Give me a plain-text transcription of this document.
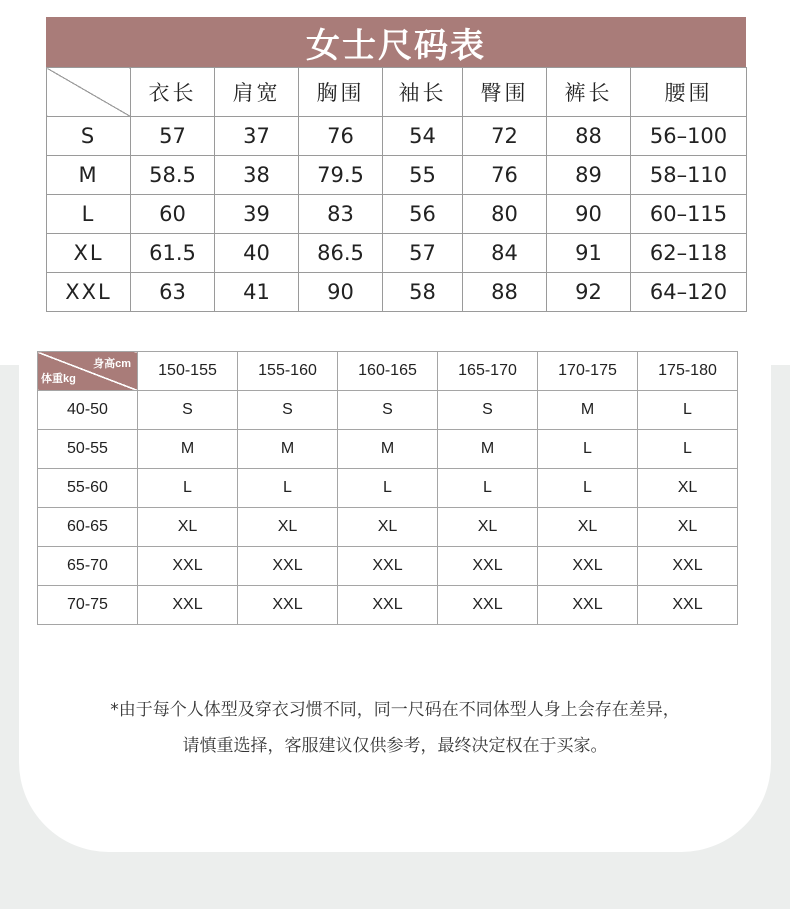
女士尺码表
	衣长	肩宽	胸围	袖长	臀围	裤长	腰围
S	57	37	76	54	72	88	56–100
M	58.5	38	79.5	55	76	89	58–110
L	60	39	83	56	80	90	60–115
XL	61.5	40	86.5	57	84	91	62–118
XXL	63	41	90	58	88	92	64–120
身高cm
体重kg	150-155	155-160	160-165	165-170	170-175	175-180
40-50	S	S	S	S	M	L
50-55	M	M	M	M	L	L
55-60	L	L	L	L	L	XL
60-65	XL	XL	XL	XL	XL	XL
65-70	XXL	XXL	XXL	XXL	XXL	XXL
70-75	XXL	XXL	XXL	XXL	XXL	XXL
*由于每个人体型及穿衣习惯不同，同一尺码在不同体型人身上会存在差异，
请慎重选择，客服建议仅供参考，最终决定权在于买家。
